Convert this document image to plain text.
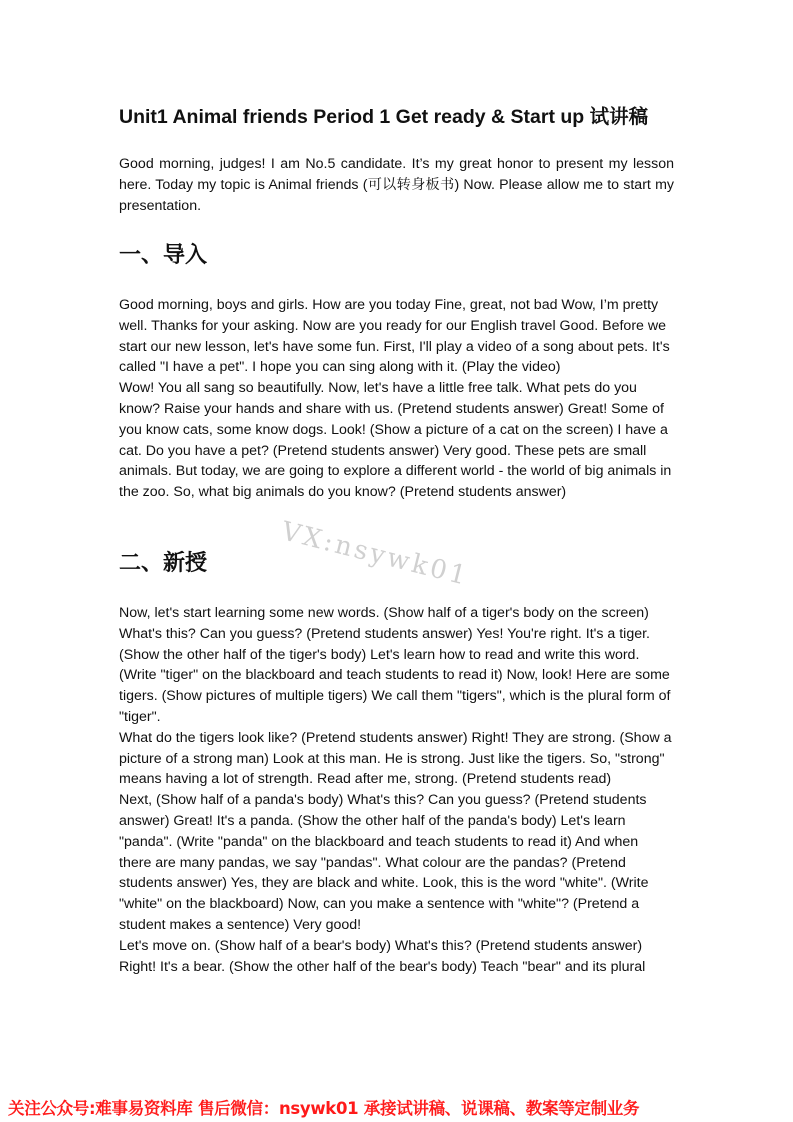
Unit1 Animal friends Period 1 Get ready & Start up 试讲稿

Good morning, judges! I am No.5 candidate. It’s my great honor to present my lesson here. Today my topic is Animal friends (可以转身板书) Now. Please allow me to start my presentation.

一、导入

Good morning, boys and girls. How are you today Fine, great, not bad Wow, I’m pretty well. Thanks for your asking. Now are you ready for our English travel Good. Before we start our new lesson, let's have some fun. First, I'll play a video of a song about pets. It's called "I have a pet". I hope you can sing along with it. (Play the video)

Wow! You all sang so beautifully. Now, let's have a little free talk. What pets do you know? Raise your hands and share with us. (Pretend students answer) Great! Some of you know cats, some know dogs. Look! (Show a picture of a cat on the screen) I have a cat. Do you have a pet? (Pretend students answer) Very good. These pets are small animals. But today, we are going to explore a different world - the world of big animals in the zoo. So, what big animals do you know? (Pretend students answer)

VX:nsywk01
二、新授

Now, let's start learning some new words. (Show half of a tiger's body on the screen) What's this? Can you guess? (Pretend students answer) Yes! You're right. It's a tiger. (Show the other half of the tiger's body) Let's learn how to read and write this word. (Write "tiger" on the blackboard and teach students to read it) Now, look! Here are some tigers. (Show pictures of multiple tigers) We call them "tigers", which is the plural form of "tiger".

What do the tigers look like? (Pretend students answer) Right! They are strong. (Show a picture of a strong man) Look at this man. He is strong. Just like the tigers. So, "strong" means having a lot of strength. Read after me, strong. (Pretend students read)

Next, (Show half of a panda's body) What's this? Can you guess? (Pretend students answer) Great! It's a panda. (Show the other half of the panda's body) Let's learn "panda". (Write "panda" on the blackboard and teach students to read it) And when there are many pandas, we say "pandas". What colour are the pandas? (Pretend students answer) Yes, they are black and white. Look, this is the word "white". (Write "white" on the blackboard) Now, can you make a sentence with "white"? (Pretend a student makes a sentence) Very good!

Let's move on. (Show half of a bear's body) What's this? (Pretend students answer) Right! It's a bear. (Show the other half of the bear's body) Teach "bear" and its plural

关注公众号:难事易资料库 售后微信：nsywk01 承接试讲稿、说课稿、教案等定制业务
